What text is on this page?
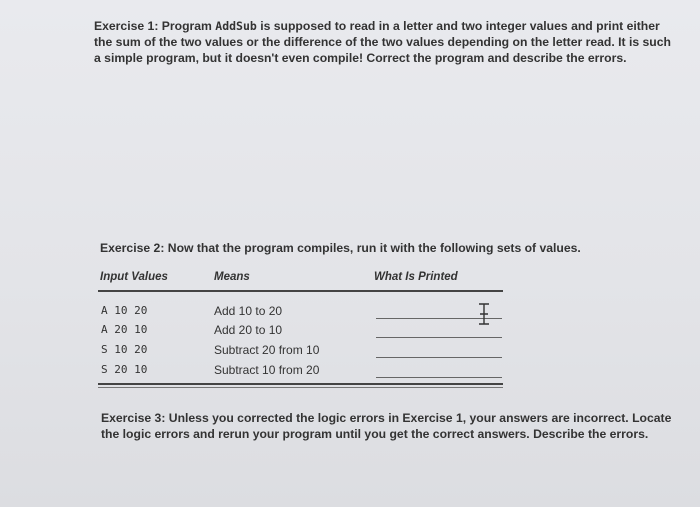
Exercise 1: Program AddSub is supposed to read in a letter and two integer values and print either the sum of the two values or the difference of the two values depending on the letter read. It is such a simple program, but it doesn't even compile! Correct the program and describe the errors.
Exercise 2: Now that the program compiles, run it with the following sets of values.
Input Values	Means	What Is Printed
A 10 20	Add 10 to 20
A 20 10	Add 20 to 10
S 10 20	Subtract 20 from 10
S 20 10	Subtract 10 from 20
Exercise 3: Unless you corrected the logic errors in Exercise 1, your answers are incorrect. Locate the logic errors and rerun your program until you get the correct answers. Describe the errors.
